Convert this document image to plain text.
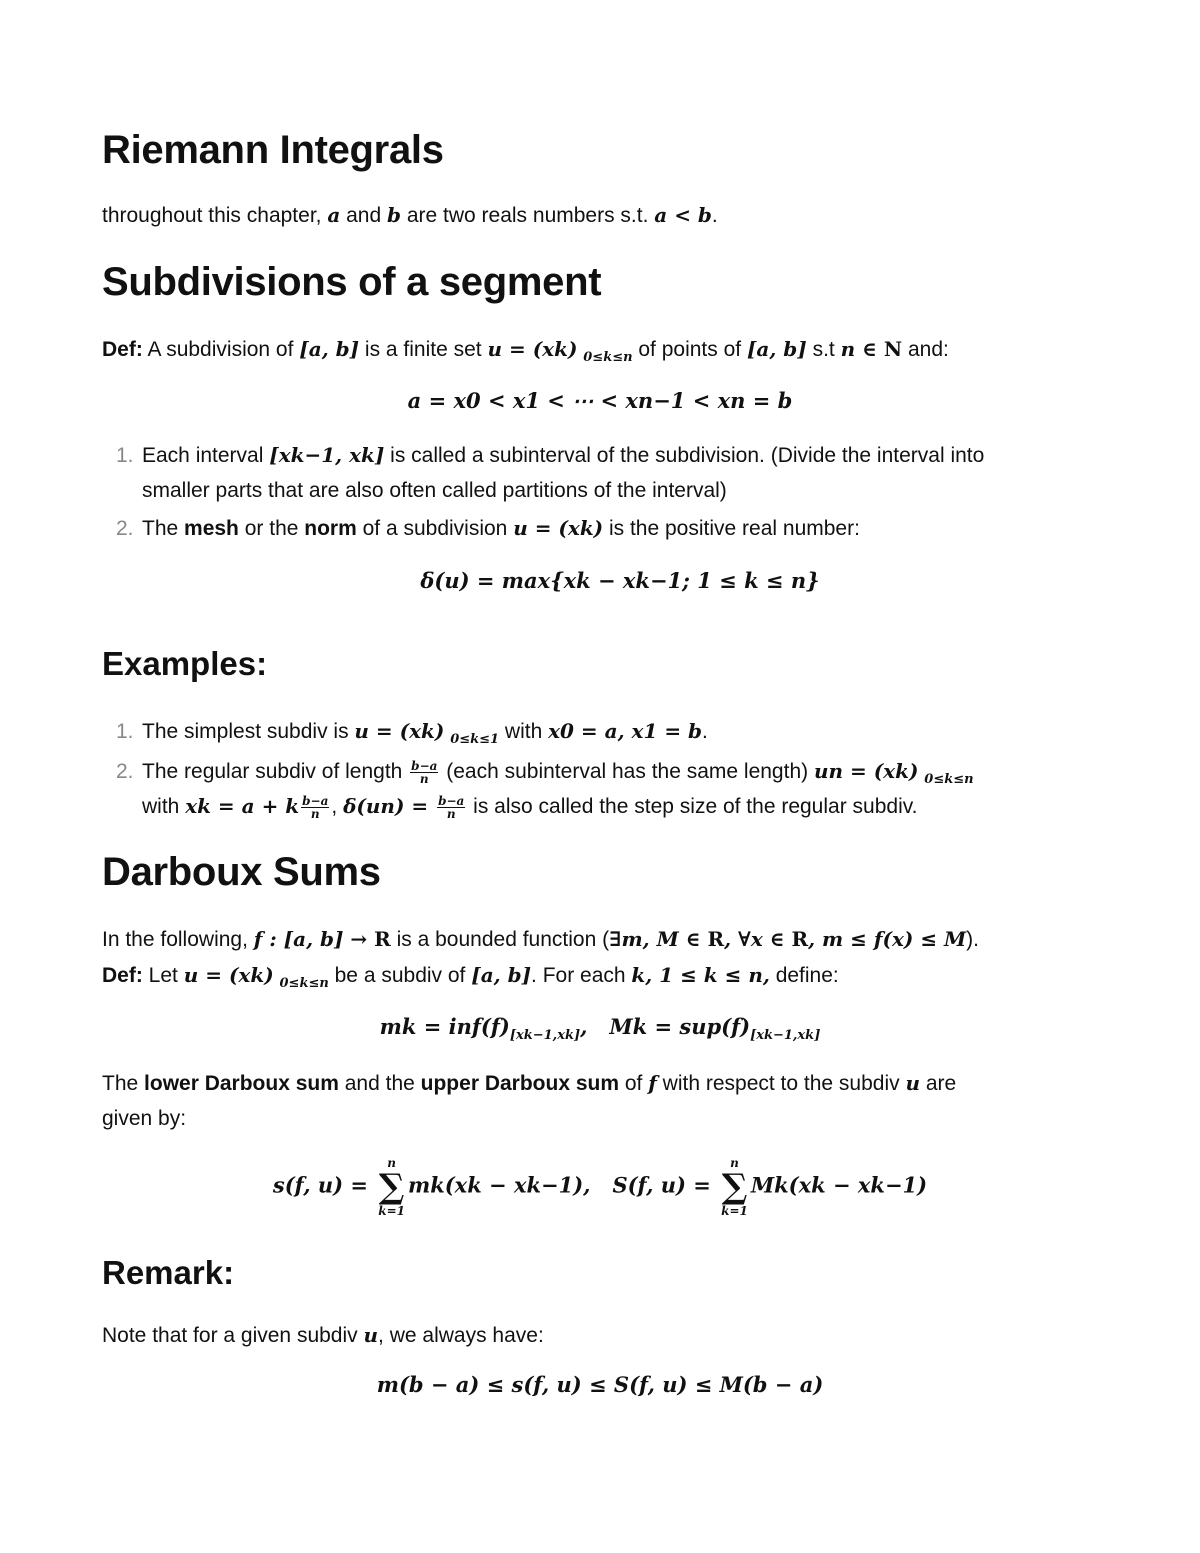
Riemann Integrals

throughout this chapter, a and b are two reals numbers s.t. a < b.

Subdivisions of a segment

Def: A subdivision of [a, b] is a finite set u = (xk) $_{0\le k\le n}$ of points of [a, b] s.t n ∈ N and:

a = x0 < x1 < ⋯ < xn−1 < xn = b
1. Each interval [xk−1, xk] is called a subinterval of the subdivision. (Divide the interval into

smaller parts that are also often called partitions of the interval)

2. The mesh or the norm of a subdivision u = (xk) is the positive real number:

δ(u) = max{xk − xk−1; 1 ≤ k ≤ n}
Examples:
1. The simplest subdiv is u = (xk) $_{0\le k\le 1}$ with x0 = a, x1 = b.

2. The regular subdiv of length $\frac{b-a}{n}$ (each subinterval has the same length) un = (xk) $_{0\le k\le n}$

with xk = a + k $\frac{b-a}{n}$ , $\delta(un) = \frac{b-a}{n}$ is also called the step size of the regular subdiv.

Darboux Sums

In the following, f : [a, b] → R is a bounded function (∃m, M ∈ R, ∀x ∈ R, m ≤ f(x) ≤ M).

Def: Let u = (xk) $_{0\le k\le n}$ be a subdiv of [a, b]. For each k, 1 ≤ k ≤ n, define:

mk = $inf(f)_{[xk-1,xk]}$,   $Mk = sup(f)_{[xk-1,xk]}$

The lower Darboux sum and the upper Darboux sum of f with respect to the subdiv u are

given by:

s(f, u) =
n
∑
k=1
mk(xk − xk−1), S(f, u) =
n
∑
k=1
Mk(xk − xk−1)
Remark:

Note that for a given subdiv u, we always have:

m(b − a) ≤ s(f, u) ≤ S(f, u) ≤ M(b − a)
